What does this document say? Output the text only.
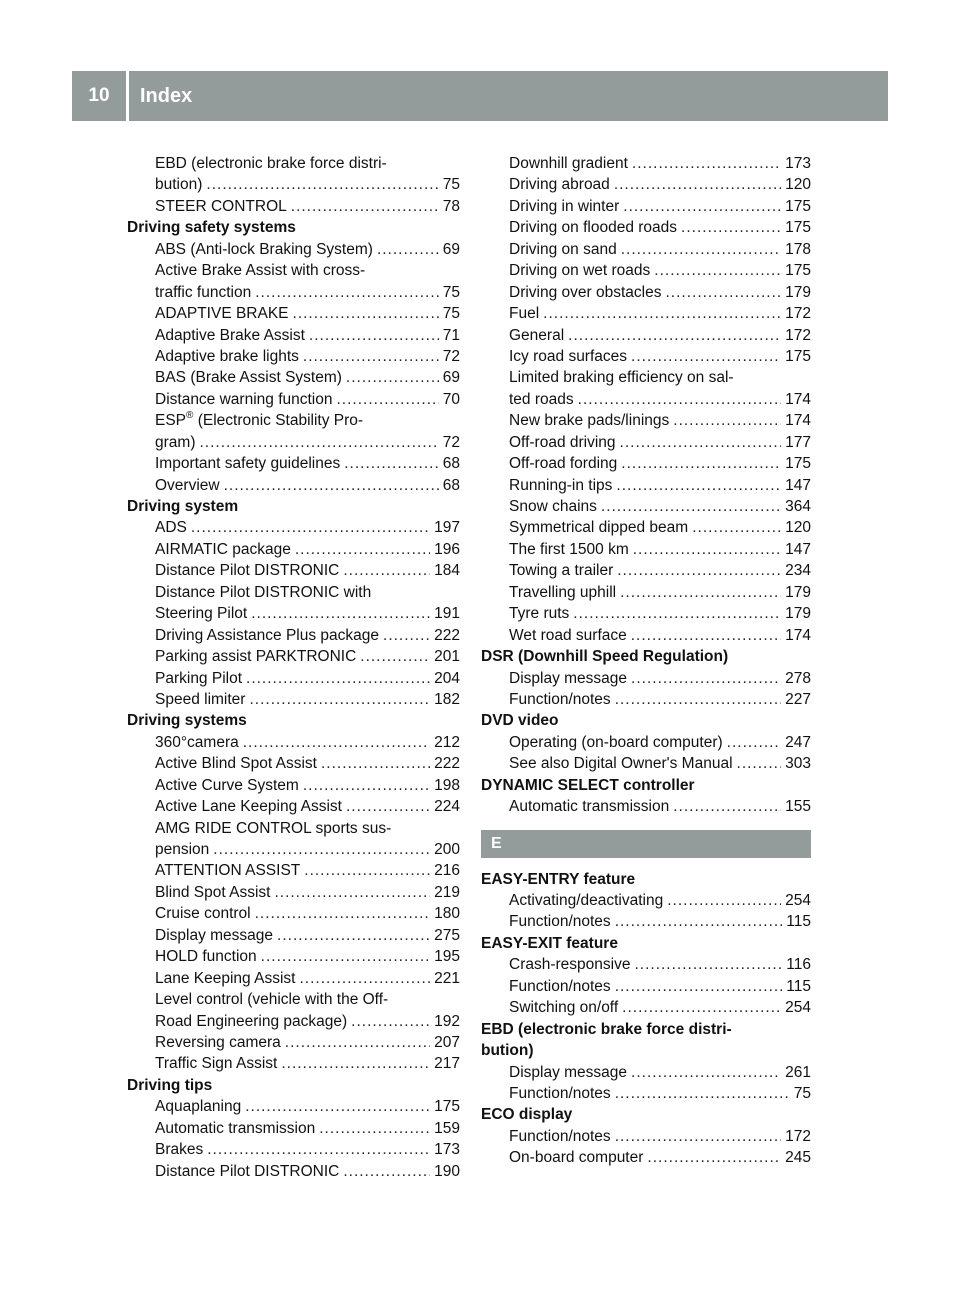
10	Index
EBD (electronic brake force distri-
bution) .....	75
STEER CONTROL .....	78
Driving safety systems
ABS (Anti-lock Braking System) .....	69
Active Brake Assist with cross-
traffic function .....	75
ADAPTIVE BRAKE .....	75
Adaptive Brake Assist .....	71
Adaptive brake lights .....	72
BAS (Brake Assist System) .....	69
Distance warning function .....	70
ESP® (Electronic Stability Pro-
gram) .....	72
Important safety guidelines .....	68
Overview .....	68
Driving system
ADS .....	197
AIRMATIC package .....	196
Distance Pilot DISTRONIC .....	184
Distance Pilot DISTRONIC with
Steering Pilot .....	191
Driving Assistance Plus package .....	222
Parking assist PARKTRONIC .....	201
Parking Pilot .....	204
Speed limiter .....	182
Driving systems
360°camera .....	212
Active Blind Spot Assist .....	222
Active Curve System .....	198
Active Lane Keeping Assist .....	224
AMG RIDE CONTROL sports sus-
pension .....	200
ATTENTION ASSIST .....	216
Blind Spot Assist .....	219
Cruise control .....	180
Display message .....	275
HOLD function .....	195
Lane Keeping Assist .....	221
Level control (vehicle with the Off-
Road Engineering package) .....	192
Reversing camera .....	207
Traffic Sign Assist .....	217
Driving tips
Aquaplaning .....	175
Automatic transmission .....	159
Brakes .....	173
Distance Pilot DISTRONIC .....	190
Downhill gradient .....	173
Driving abroad .....	120
Driving in winter .....	175
Driving on flooded roads .....	175
Driving on sand .....	178
Driving on wet roads .....	175
Driving over obstacles .....	179
Fuel .....	172
General .....	172
Icy road surfaces .....	175
Limited braking efficiency on sal-
ted roads .....	174
New brake pads/linings .....	174
Off-road driving .....	177
Off-road fording .....	175
Running-in tips .....	147
Snow chains .....	364
Symmetrical dipped beam .....	120
The first 1500 km .....	147
Towing a trailer .....	234
Travelling uphill .....	179
Tyre ruts .....	179
Wet road surface .....	174
DSR (Downhill Speed Regulation)
Display message .....	278
Function/notes .....	227
DVD video
Operating (on-board computer) .....	247
See also Digital Owner's Manual .....	303
DYNAMIC SELECT controller
Automatic transmission .....	155
E
EASY-ENTRY feature
Activating/deactivating .....	254
Function/notes .....	115
EASY-EXIT feature
Crash-responsive .....	116
Function/notes .....	115
Switching on/off .....	254
EBD (electronic brake force distri-
bution)
Display message .....	261
Function/notes .....	75
ECO display
Function/notes .....	172
On-board computer .....	245
